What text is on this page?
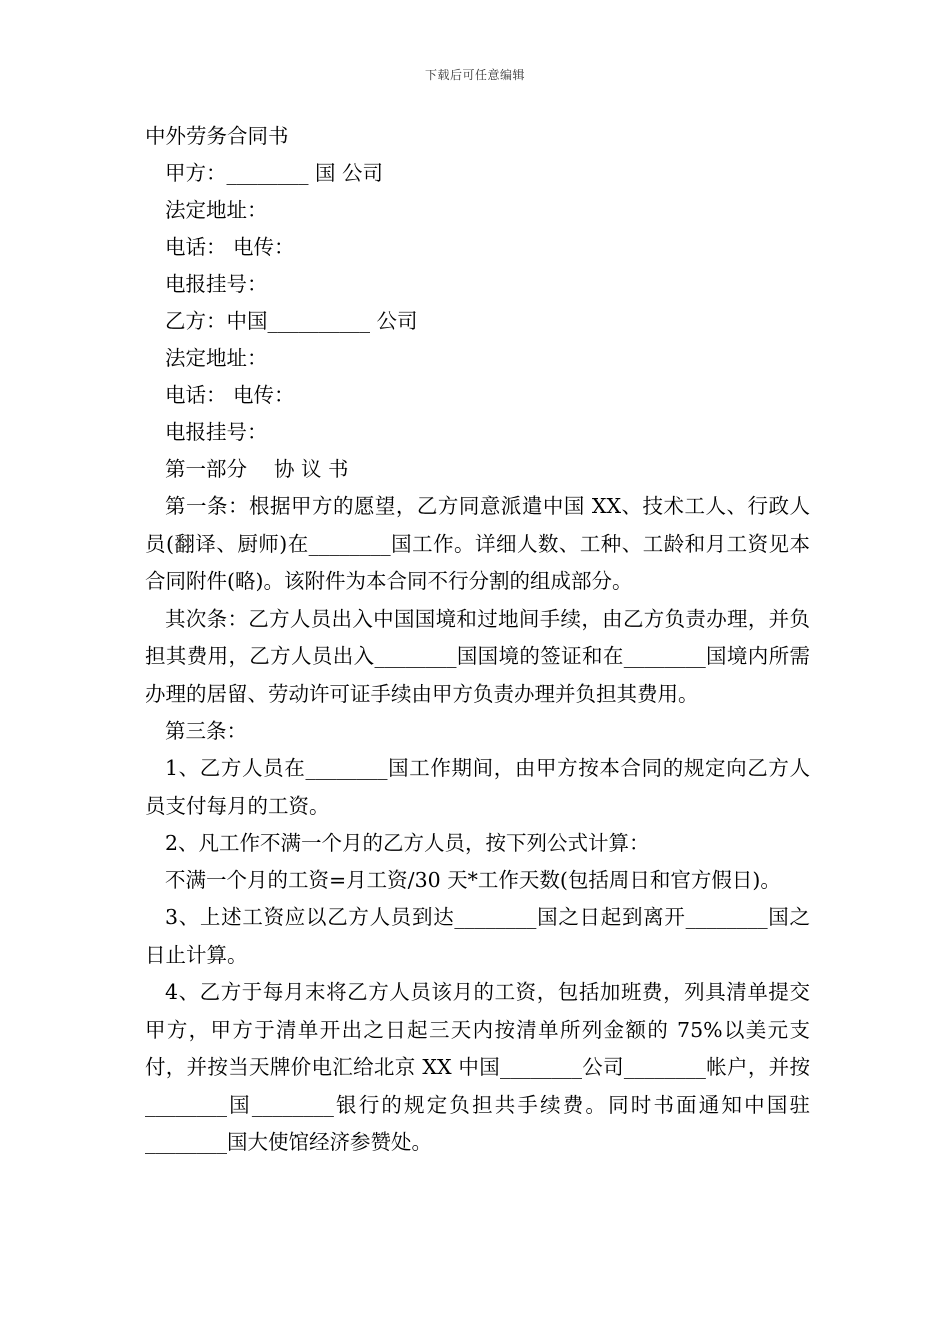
下载后可任意编辑
中外劳务合同书
甲方：________ 国 公司
法定地址：
电话： 电传：
电报挂号：
乙方：中国__________ 公司
法定地址：
电话： 电传：
电报挂号：
第一部分　 协 议 书
第一条：根据甲方的愿望，乙方同意派遣中国 XX、技术工人、行政人员(翻译、厨师)在________国工作。详细人数、工种、工龄和月工资见本合同附件(略)。该附件为本合同不行分割的组成部分。
其次条：乙方人员出入中国国境和过地间手续，由乙方负责办理，并负担其费用，乙方人员出入________国国境的签证和在________国境内所需办理的居留、劳动许可证手续由甲方负责办理并负担其费用。
第三条：
1、乙方人员在________国工作期间，由甲方按本合同的规定向乙方人员支付每月的工资。
2、凡工作不满一个月的乙方人员，按下列公式计算：
不满一个月的工资=月工资/30 天*工作天数(包括周日和官方假日)。
3、上述工资应以乙方人员到达________国之日起到离开________国之日止计算。
4、乙方于每月末将乙方人员该月的工资，包括加班费，列具清单提交甲方，甲方于清单开出之日起三天内按清单所列金额的 75%以美元支付，并按当天牌价电汇给北京 XX 中国________公司________帐户，并按________国________银行的规定负担共手续费。同时书面通知中国驻________国大使馆经济参赞处。
